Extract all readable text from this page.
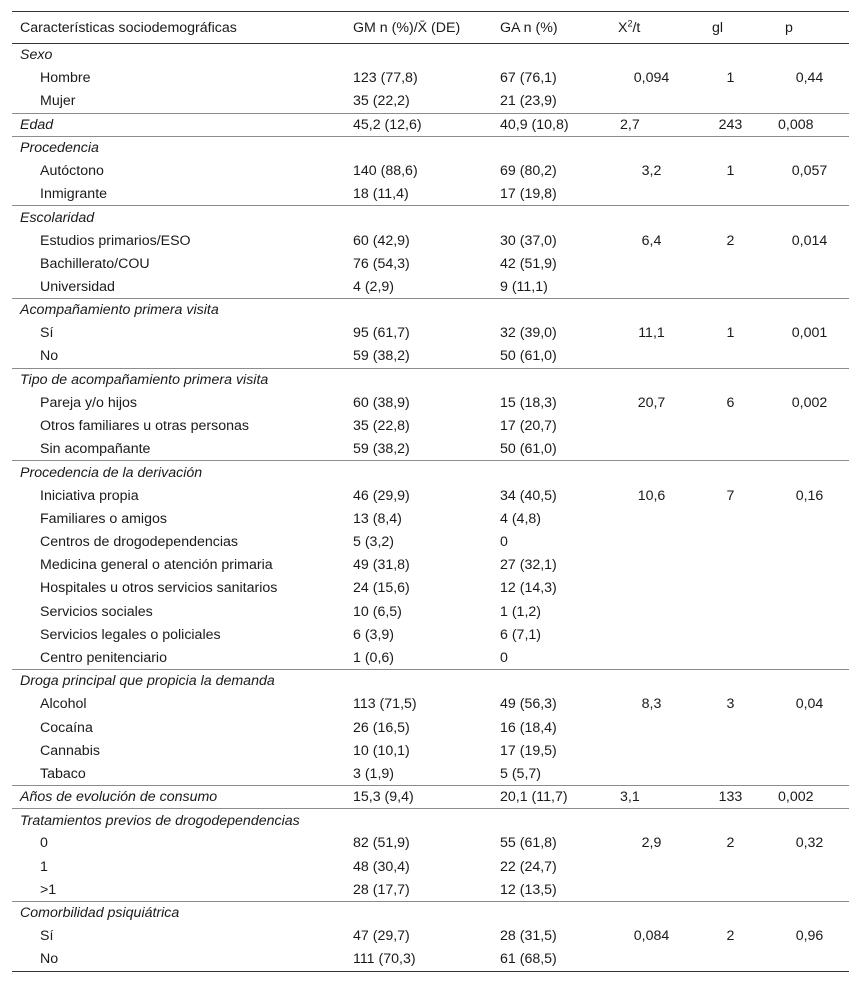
Características sociodemográficas	GM n (%)/X̄ (DE)	GA n (%)	$X^2/t$	gl	p
Sexo					
Hombre	123 (77,8)	67 (76,1)	0,094	1	0,44
Mujer	35 (22,2)	21 (23,9)			
Edad	45,2 (12,6)	40,9 (10,8)	2,7	243	0,008
Procedencia					
Autóctono	140 (88,6)	69 (80,2)	3,2	1	0,057
Inmigrante	18 (11,4)	17 (19,8)			
Escolaridad					
Estudios primarios/ESO	60 (42,9)	30 (37,0)	6,4	2	0,014
Bachillerato/COU	76 (54,3)	42 (51,9)			
Universidad	4 (2,9)	9 (11,1)			
Acompañamiento primera visita					
Sí	95 (61,7)	32 (39,0)	11,1	1	0,001
No	59 (38,2)	50 (61,0)			
Tipo de acompañamiento primera visita					
Pareja y/o hijos	60 (38,9)	15 (18,3)	20,7	6	0,002
Otros familiares u otras personas	35 (22,8)	17 (20,7)			
Sin acompañante	59 (38,2)	50 (61,0)			
Procedencia de la derivación					
Iniciativa propia	46 (29,9)	34 (40,5)	10,6	7	0,16
Familiares o amigos	13 (8,4)	4 (4,8)			
Centros de drogodependencias	5 (3,2)	0			
Medicina general o atención primaria	49 (31,8)	27 (32,1)			
Hospitales u otros servicios sanitarios	24 (15,6)	12 (14,3)			
Servicios sociales	10 (6,5)	1 (1,2)			
Servicios legales o policiales	6 (3,9)	6 (7,1)			
Centro penitenciario	1 (0,6)	0			
Droga principal que propicia la demanda					
Alcohol	113 (71,5)	49 (56,3)	8,3	3	0,04
Cocaína	26 (16,5)	16 (18,4)			
Cannabis	10 (10,1)	17 (19,5)			
Tabaco	3 (1,9)	5 (5,7)			
Años de evolución de consumo	15,3 (9,4)	20,1 (11,7)	3,1	133	0,002
Tratamientos previos de drogodependencias					
0	82 (51,9)	55 (61,8)	2,9	2	0,32
1	48 (30,4)	22 (24,7)			
>1	28 (17,7)	12 (13,5)			
Comorbilidad psiquiátrica					
Sí	47 (29,7)	28 (31,5)	0,084	2	0,96
No	111 (70,3)	61 (68,5)			
